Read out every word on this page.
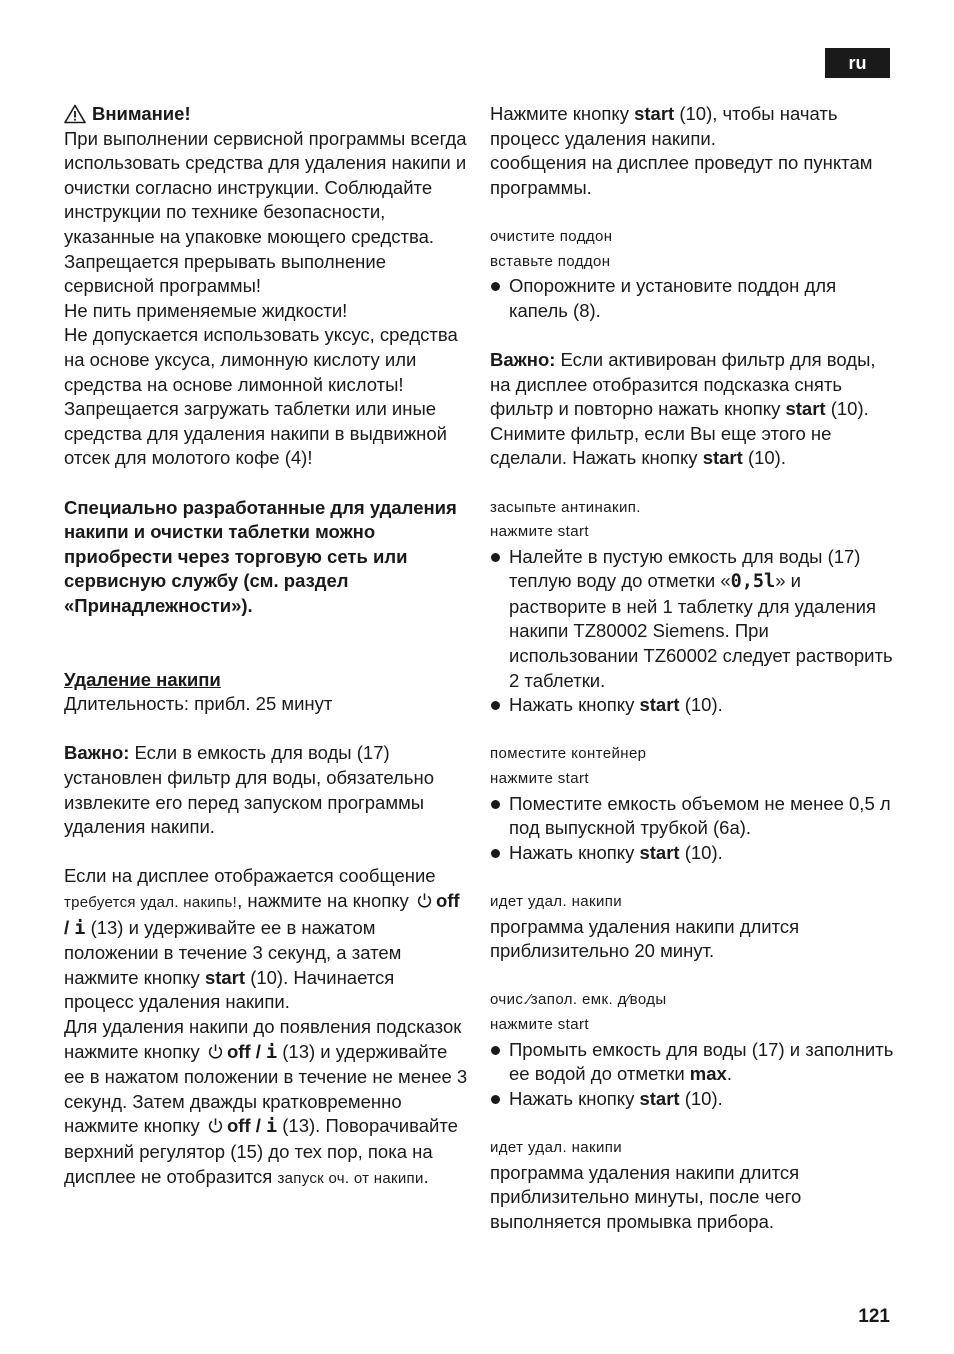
ru
Внимание!

При выполнении сервисной программы всегда использовать средства для удаления накипи и очистки согласно инструкции. Соблюдайте инструкции по технике безопасности, указанные на упаковке моющего средства.

Запрещается прерывать выполнение сервисной программы!

Не пить применяемые жидкости!

Не допускается использовать уксус, средства на основе уксуса, лимонную кислоту или средства на основе лимонной кислоты!

Запрещается загружать таблетки или иные средства для удаления накипи в выдвижной отсек для молотого кофе (4)!

Специально разработанные для удаления накипи и очистки таблетки можно приобрести через торговую сеть или сервисную службу (см. раздел «Принадлежности»).

Удаление накипи

Длительность: прибл. 25 минут

Важно: Если в емкость для воды (17) установлен фильтр для воды, обязательно извлеките его перед запуском программы удаления накипи.

Если на дисплее отображается сообщение требуется удал. накипь!, нажмите на кнопку off / i (13) и удерживайте ее в нажатом положении в течение 3 секунд, а затем нажмите кнопку start (10). Начинается процесс удаления накипи.

Для удаления накипи до появления подсказок нажмите кнопку off / i (13) и удерживайте ее в нажатом положении в течение не менее 3 секунд. Затем дважды кратковременно нажмите кнопку off / i (13). Поворачивайте верхний регулятор (15) до тех пор, пока на дисплее не отобразится запуск оч. от накипи.

Нажмите кнопку start (10), чтобы начать процесс удаления накипи.

сообщения на дисплее проведут по пунктам программы.

очистите поддон
вставьте поддон
Опорожните и установите поддон для капель (8).

Важно: Если активирован фильтр для воды, на дисплее отобразится подсказка снять фильтр и повторно нажать кнопку start (10). Снимите фильтр, если Вы еще этого не сделали. Нажать кнопку start (10).

засыпьте антинакип.
нажмите start
Налейте в пустую емкость для воды (17) теплую воду до отметки «0,5l» и растворите в ней 1 таблетку для удаления накипи TZ80002 Siemens. При использовании TZ60002 следует растворить 2 таблетки.
Нажать кнопку start (10).
поместите контейнер
нажмите start
Поместите емкость объемом не менее 0,5 л под выпускной трубкой (6a).
Нажать кнопку start (10).
идет удал. накипи

программа удаления накипи длится приблизительно 20 минут.

очис.⁄запол. емк. д⁄воды
нажмите start
Промыть емкость для воды (17) и заполнить ее водой до отметки max.
Нажать кнопку start (10).
идет удал. накипи

программа удаления накипи длится приблизительно минуты, после чего выполняется промывка прибора.

121
